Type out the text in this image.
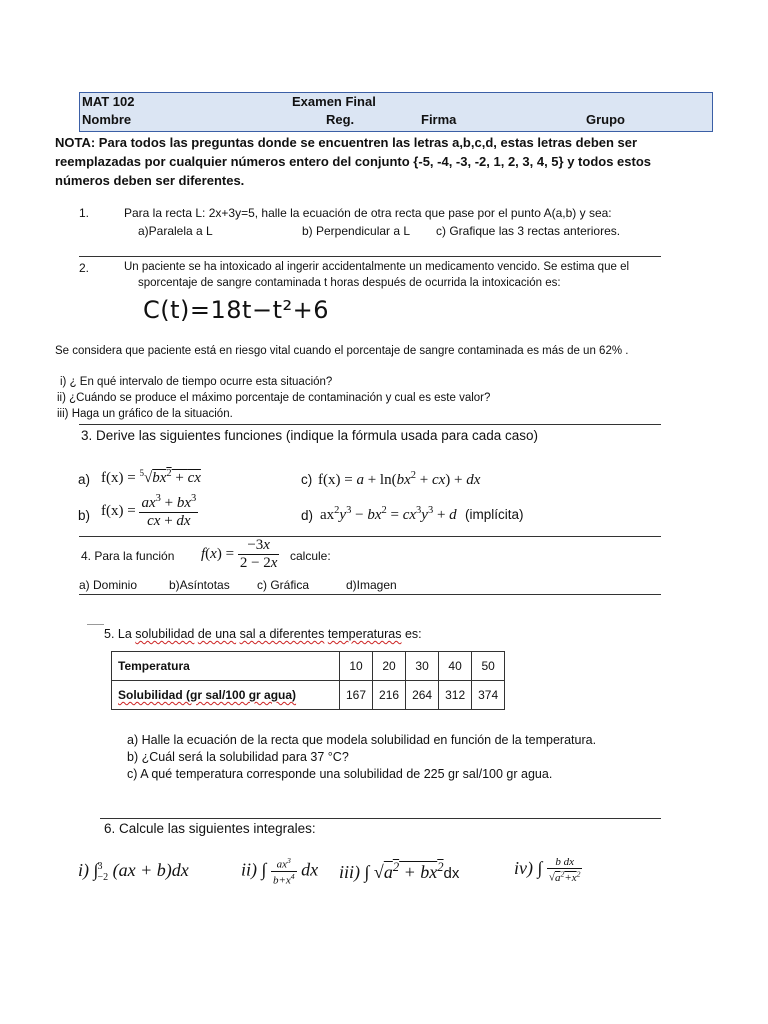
MAT 102	Examen Final
Nombre	Reg.	Firma	Grupo
NOTA: Para todos las preguntas donde se encuentren las letras a,b,c,d, estas letras deben ser reemplazadas por cualquier números entero del conjunto {-5, -4, -3, -2, 1, 2, 3, 4, 5} y todos estos números deben ser diferentes.
1.	Para la recta L: 2x+3y=5, halle la ecuación de otra recta que pase por el punto A(a,b) y sea:
a)Paralela a L	b) Perpendicular a L c) Grafique las 3 rectas anteriores.
2.	Un paciente se ha intoxicado al ingerir accidentalmente un medicamento vencido. Se estima que el
sporcentaje de sangre contaminada t horas después de ocurrida la intoxicación es:
C(t)=18t−t²+6
Se considera que paciente está en riesgo vital cuando el porcentaje de sangre contaminada es más de un 62% .
i) ¿ En qué intervalo de tiempo ocurre esta situación?
ii) ¿Cuándo se produce el máximo porcentaje de contaminación y cual es este valor?
iii) Haga un gráfico de la situación.
3. Derive las siguientes funciones (indique la fórmula usada para cada caso)
a) $f(x) = ^5√bx^2$ + cx	c) $f(x) = a + \ln(bx^2 + cx)$ + dx
b) $f(x) = \frac{ax^3 + bx^3}{cx + dx}$	d) $ax^2y^3 - bx^2 = cx^3y^3 + d$ (implícita)
4. Para la función $f(x) = \frac{-3x}{2 - 2x}$ calcule:
a) Dominio	b)Asíntotas c) Gráfica	d)Imagen
5. La solubilidad de una sal a diferentes temperaturas es:
Temperatura	10	20	30	40	50
Solubilidad (gr sal/100 gr agua)	167	216	264	312	374
a) Halle la ecuación de la recta que modela solubilidad en función de la temperatura.
b) ¿Cuál será la solubilidad para 37 °C?
c) A qué temperatura corresponde una solubilidad de 225 gr sal/100 gr agua.
6. Calcule las siguientes integrales:
i) ∫ 3
−2 (ax + b)dx	ii) ∫ $\frac{ax^3}{b+x^4}$ dx iii) ∫ $√a^2 + bx^2dx$	iv) ∫ $\frac{\text{b dx}}{√a^2+x^2}$
